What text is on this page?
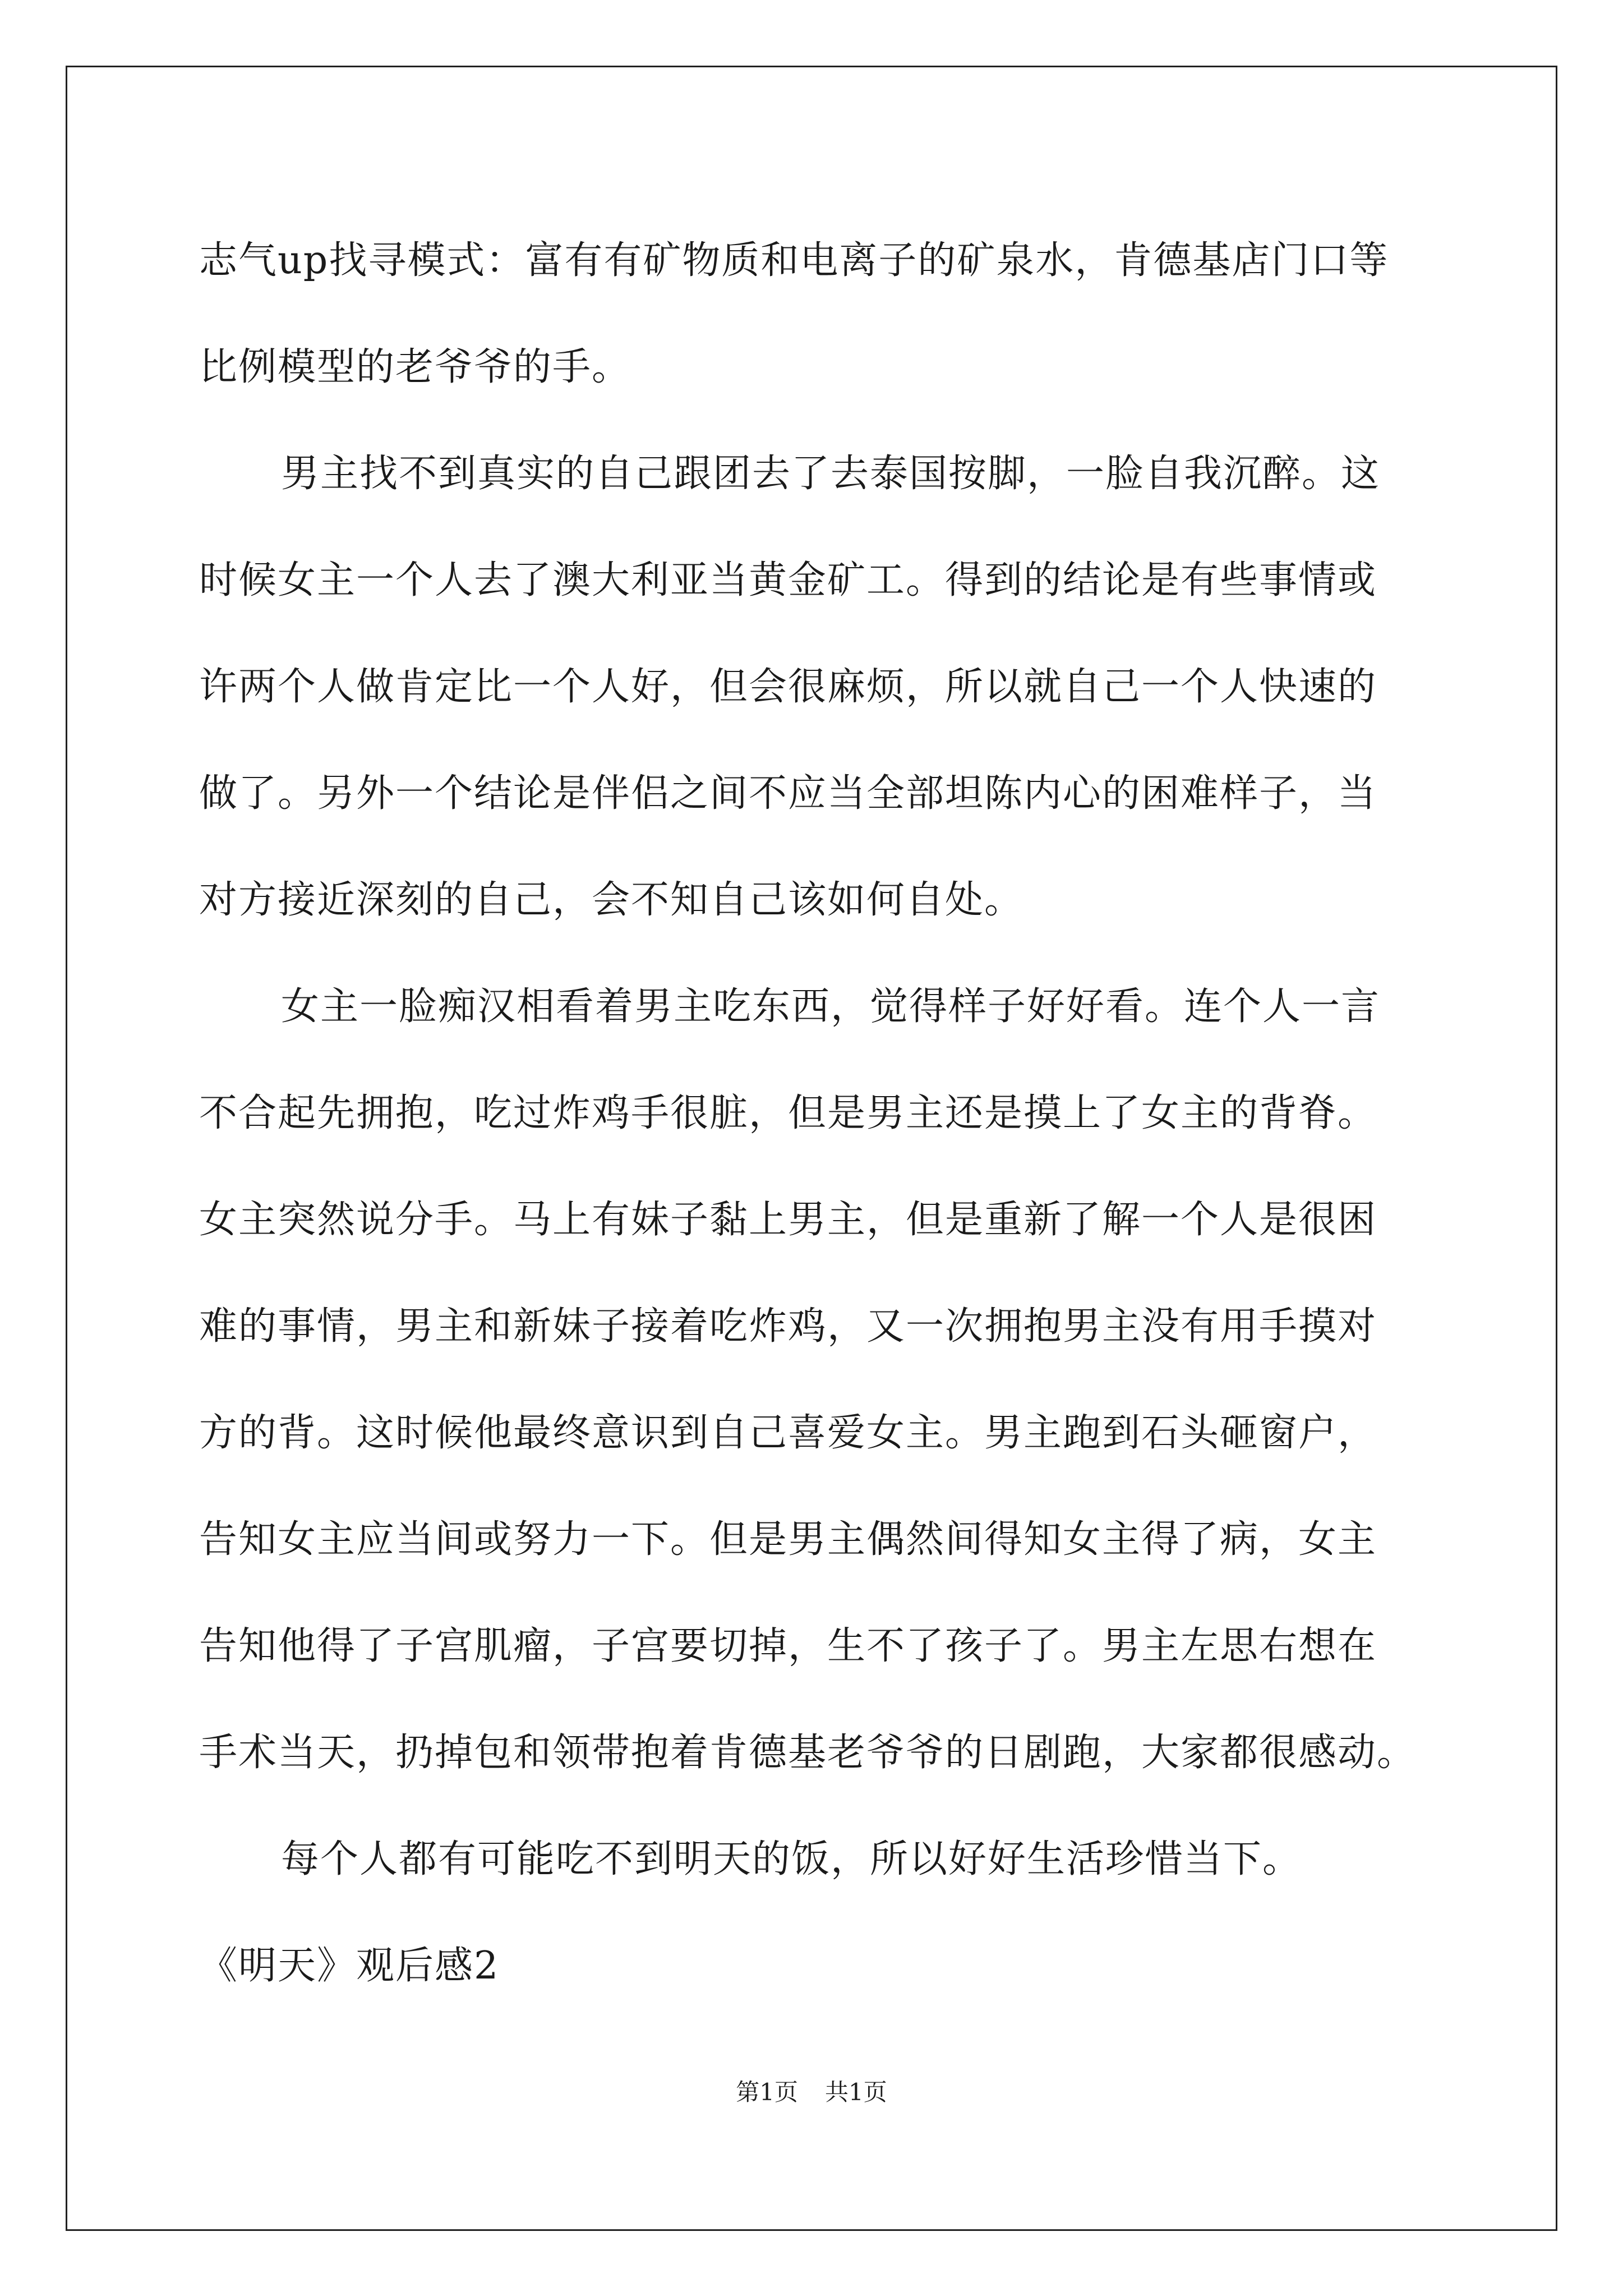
志气up找寻模式：富有有矿物质和电离子的矿泉水，肯德基店门口等
比例模型的老爷爷的手。
男主找不到真实的自己跟团去了去泰国按脚，一脸自我沉醉。这
时候女主一个人去了澳大利亚当黄金矿工。得到的结论是有些事情或
许两个人做肯定比一个人好，但会很麻烦，所以就自己一个人快速的
做了。另外一个结论是伴侣之间不应当全部坦陈内心的困难样子，当
对方接近深刻的自己，会不知自己该如何自处。
女主一脸痴汉相看着男主吃东西，觉得样子好好看。连个人一言
不合起先拥抱，吃过炸鸡手很脏，但是男主还是摸上了女主的背脊。
女主突然说分手。马上有妹子黏上男主，但是重新了解一个人是很困
难的事情，男主和新妹子接着吃炸鸡，又一次拥抱男主没有用手摸对
方的背。这时候他最终意识到自己喜爱女主。男主跑到石头砸窗户，
告知女主应当间或努力一下。但是男主偶然间得知女主得了病，女主
告知他得了子宫肌瘤，子宫要切掉，生不了孩子了。男主左思右想在
手术当天，扔掉包和领带抱着肯德基老爷爷的日剧跑，大家都很感动。
每个人都有可能吃不到明天的饭，所以好好生活珍惜当下。
《明天》观后感2
第1页 共1页
